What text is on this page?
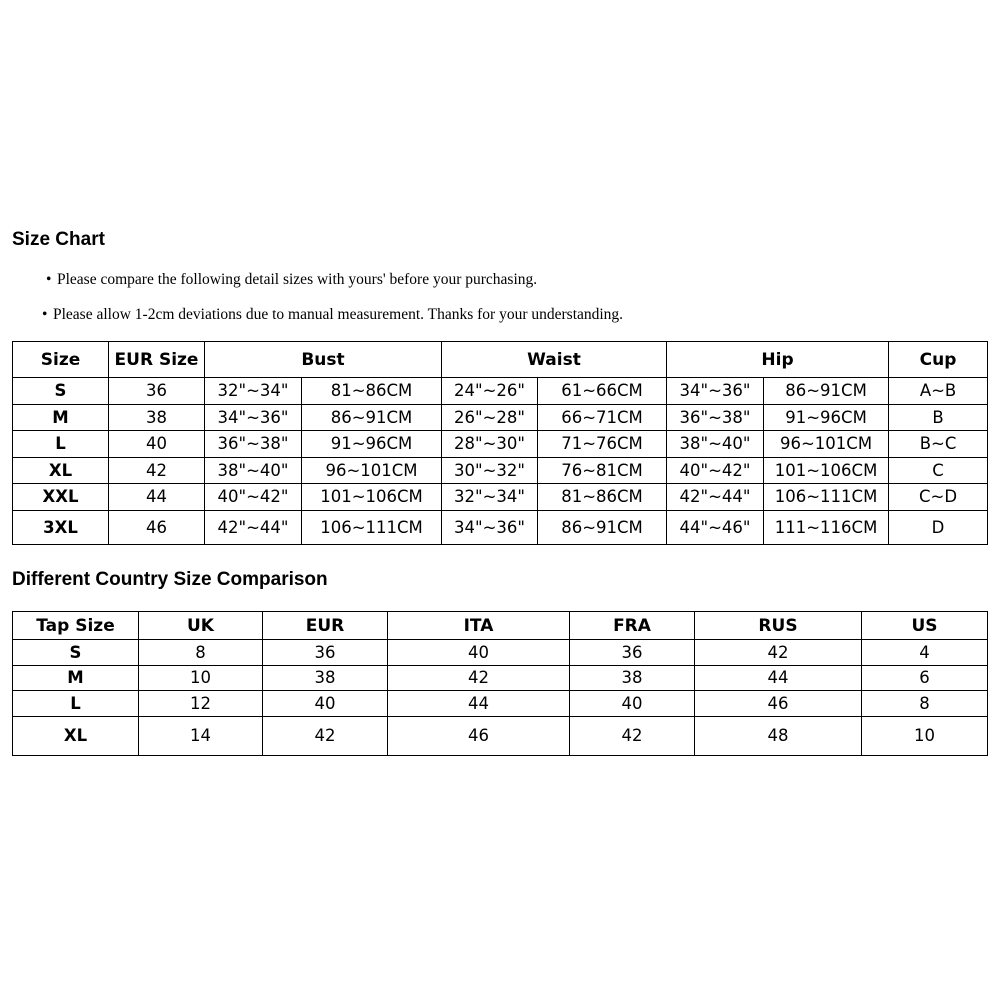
Size Chart
• Please compare the following detail sizes with yours' before your purchasing.
• Please allow 1-2cm deviations due to manual measurement. Thanks for your understanding.
Size	EUR Size	Bust		Waist		Hip		Cup
S	36	32"~34"	81~86CM	24"~26"	61~66CM	34"~36"	86~91CM	A~B
M	38	34"~36"	86~91CM	26"~28"	66~71CM	36"~38"	91~96CM	B
L	40	36"~38"	91~96CM	28"~30"	71~76CM	38"~40"	96~101CM	B~C
XL	42	38"~40"	96~101CM	30"~32"	76~81CM	40"~42"	101~106CM	C
XXL	44	40"~42"	101~106CM	32"~34"	81~86CM	42"~44"	106~111CM	C~D
3XL	46	42"~44"	106~111CM	34"~36"	86~91CM	44"~46"	111~116CM	D
Different Country Size Comparison
Tap Size	UK	EUR	ITA	FRA	RUS	US
S	8	36	40	36	42	4
M	10	38	42	38	44	6
L	12	40	44	40	46	8
XL	14	42	46	42	48	10
